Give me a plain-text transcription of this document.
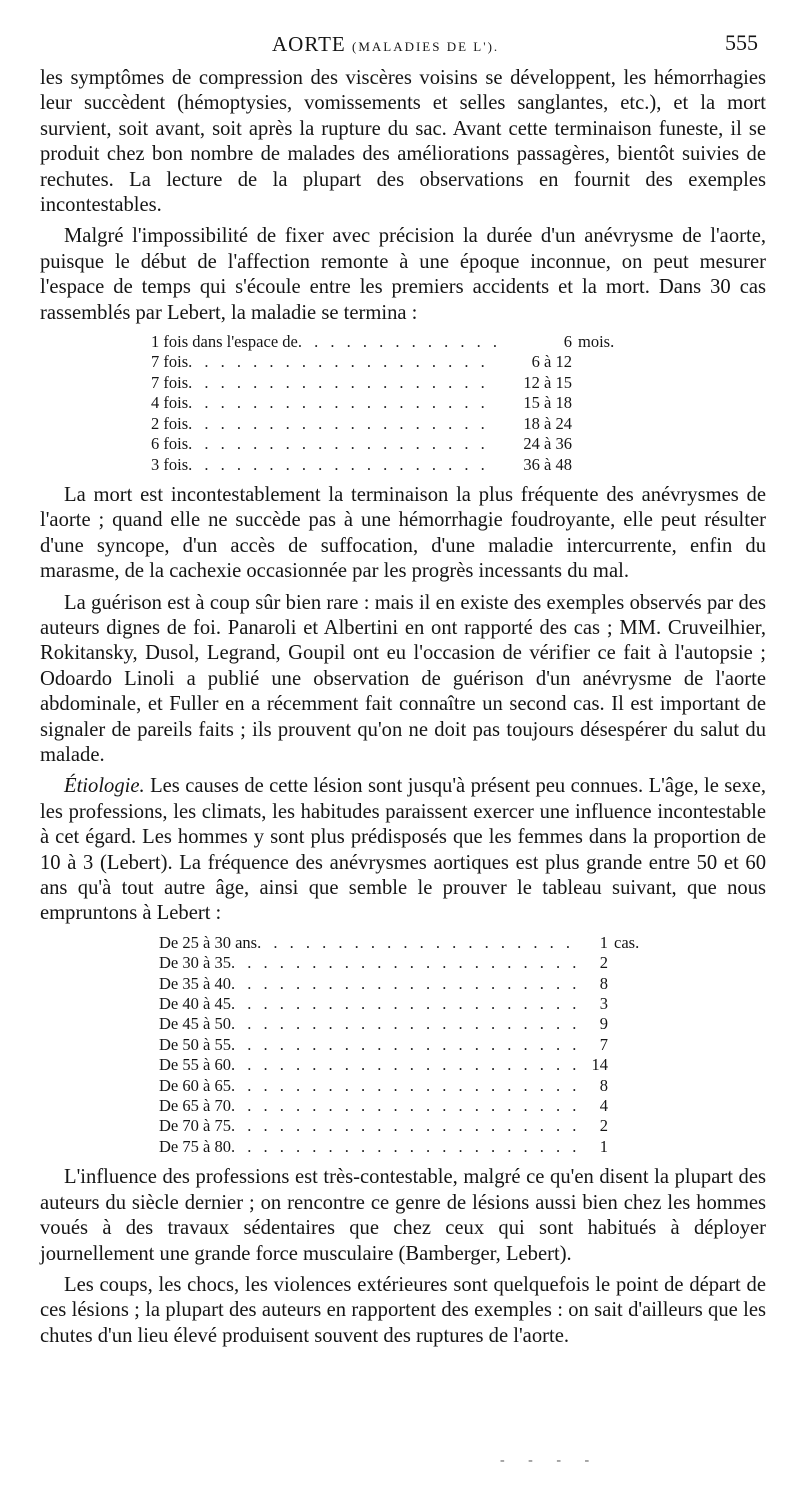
AORTE (MALADIES DE L').	555

les symptômes de compression des viscères voisins se développent, les hémorrhagies leur succèdent (hémoptysies, vomissements et selles sanglantes, etc.), et la mort survient, soit avant, soit après la rupture du sac. Avant cette terminaison funeste, il se produit chez bon nombre de malades des améliorations passagères, bientôt suivies de rechutes. La lecture de la plupart des observations en fournit des exemples incontestables.

Malgré l'impossibilité de fixer avec précision la durée d'un anévrysme de l'aorte, puisque le début de l'affection remonte à une époque inconnue, on peut mesurer l'espace de temps qui s'écoule entre les premiers accidents et la mort. Dans 30 cas rassemblés par Lebert, la maladie se termina :

1 fois dans l'espace de . . .	6 mois.
7 fois . . .	6 à 12
7 fois . . .	12 à 15
4 fois . . .	15 à 18
2 fois . . .	18 à 24
6 fois . . .	24 à 36
3 fois . . .	36 à 48

La mort est incontestablement la terminaison la plus fréquente des anévrysmes de l'aorte ; quand elle ne succède pas à une hémorrhagie foudroyante, elle peut résulter d'une syncope, d'un accès de suffocation, d'une maladie intercurrente, enfin du marasme, de la cachexie occasionnée par les progrès incessants du mal.

La guérison est à coup sûr bien rare : mais il en existe des exemples observés par des auteurs dignes de foi. Panaroli et Albertini en ont rapporté des cas ; MM. Cruveilhier, Rokitansky, Dusol, Legrand, Goupil ont eu l'occasion de vérifier ce fait à l'autopsie ; Odoardo Linoli a publié une observation de guérison d'un anévrysme de l'aorte abdominale, et Fuller en a récemment fait connaître un second cas. Il est important de signaler de pareils faits ; ils prouvent qu'on ne doit pas toujours désespérer du salut du malade.

Étiologie. Les causes de cette lésion sont jusqu'à présent peu connues. L'âge, le sexe, les professions, les climats, les habitudes paraissent exercer une influence incontestable à cet égard. Les hommes y sont plus prédisposés que les femmes dans la proportion de 10 à 3 (Lebert). La fréquence des anévrysmes aortiques est plus grande entre 50 et 60 ans qu'à tout autre âge, ainsi que semble le prouver le tableau suivant, que nous empruntons à Lebert :

De 25 à 30 ans . . .	1 cas.
De 30 à 35 . . .	2
De 35 à 40 . . .	8
De 40 à 45 . . .	3
De 45 à 50 . . .	9
De 50 à 55 . . .	7
De 55 à 60 . . .	14
De 60 à 65 . . .	8
De 65 à 70 . . .	4
De 70 à 75 . . .	2
De 75 à 80 . . .	1

L'influence des professions est très-contestable, malgré ce qu'en disent la plupart des auteurs du siècle dernier ; on rencontre ce genre de lésions aussi bien chez les hommes voués à des travaux sédentaires que chez ceux qui sont habitués à déployer journellement une grande force musculaire (Bamberger, Lebert).

Les coups, les chocs, les violences extérieures sont quelquefois le point de départ de ces lésions ; la plupart des auteurs en rapportent des exemples : on sait d'ailleurs que les chutes d'un lieu élevé produisent souvent des ruptures de l'aorte.

- - - -
